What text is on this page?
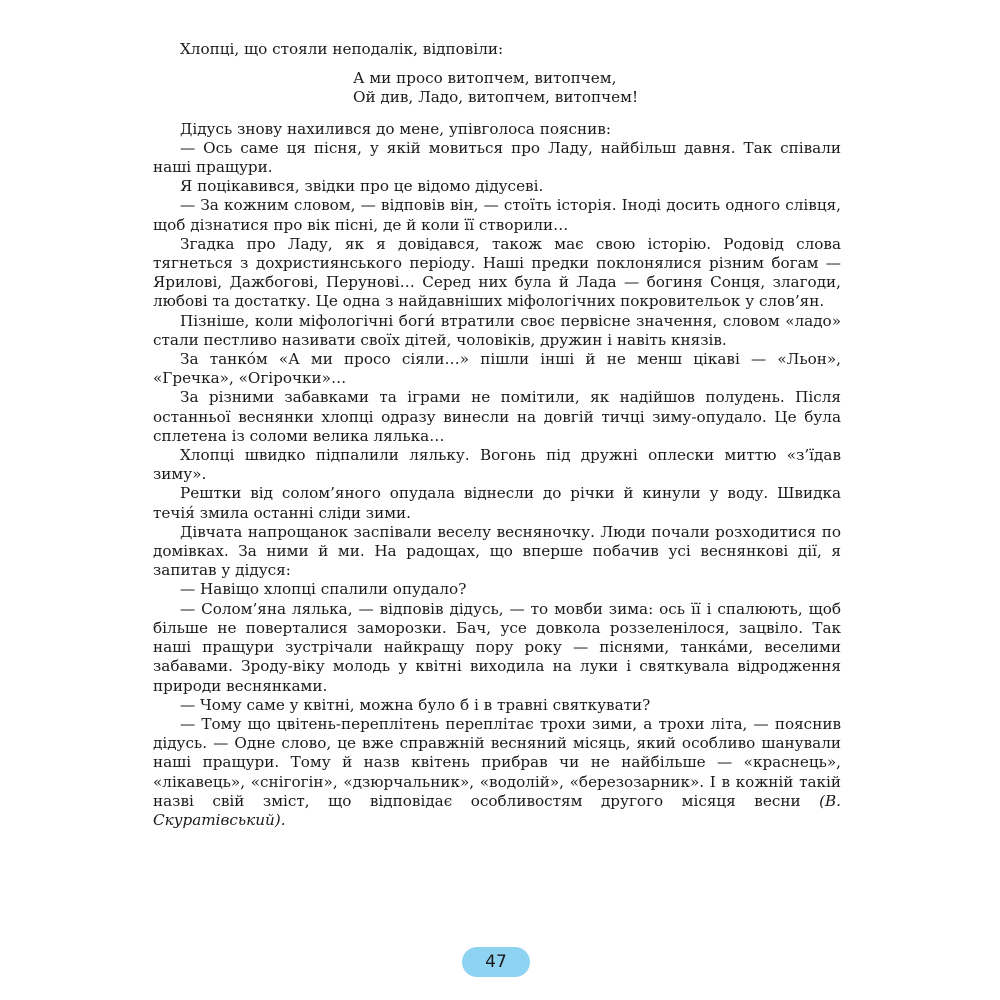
Хлопці, що стояли неподалік, відповіли:

А ми просо витопчем, витопчем,
Ой див, Ладо, витопчем, витопчем!

Дідусь знову нахилився до мене, упівголоса пояснив:

— Ось саме ця пісня, у якій мовиться про Ладу, найбільш давня. Так співали наші пращури.

Я поцікавився, звідки про це відомо дідусеві.

— За кожним словом, — відповів він, — стоїть історія. Іноді досить одного слівця, щоб дізнатися про вік пісні, де й коли її створили…

Згадка про Ладу, як я довідався, також має свою історію. Родовід слова тягнеться з дохристиянського періоду. Наші предки поклонялися різним богам — Ярилові, Дажбогові, Перунові… Серед них була й Лада — богиня Сонця, злагоди, любові та достатку. Це одна з найдавніших міфологічних покровительок у слов’ян.

Пізніше, коли міфологічні боги́ втратили своє первісне значення, словом «ладо» стали пестливо називати своїх дітей, чоловіків, дружин і навіть князів.

За танко́м «А ми просо сіяли…» пішли інші й не менш цікаві — «Льон», «Гречка», «Огірочки»…

За різними забавками та іграми не помітили, як надійшов полудень. Після останньої веснянки хлопці одразу винесли на довгій тичці зиму-опудало. Це була сплетена із соломи велика лялька…

Хлопці швидко підпалили ляльку. Вогонь під дружні оплески миттю «з’їдав зиму».

Рештки від солом’яного опудала віднесли до річки й кинули у воду. Швидка течія́ змила останні сліди зими.

Дівчата напрощанок заспівали веселу весняночку. Люди почали розходитися по домівках. За ними й ми. На радощах, що вперше побачив усі веснянкові дії, я запитав у дідуся:

— Навіщо хлопці спалили опудало?

— Солом’яна лялька, — відповів дідусь, — то мовби зима: ось її і спалюють, щоб більше не поверталися заморозки. Бач, усе довкола роззеленілося, зацвіло. Так наші пращури зустрічали найкращу пору року — піснями, танка́ми, веселими забавами. Зроду-віку молодь у квітні виходила на луки і святкувала відродження природи веснянками.

— Чому саме у квітні, можна було б і в травні святкувати?

— Тому що цвітень-переплітень переплітає трохи зими, а трохи літа, — пояснив дідусь. — Одне слово, це вже справжній весняний місяць, який особливо шанували наші пращури. Тому й назв квітень прибрав чи не найбільше — «краснець», «лікавець», «снігогін», «дзюрчальник», «водолій», «березозарник». І в кожній такій назві свій зміст, що відповідає особливостям другого місяця весни (В. Скуратівський).

47
